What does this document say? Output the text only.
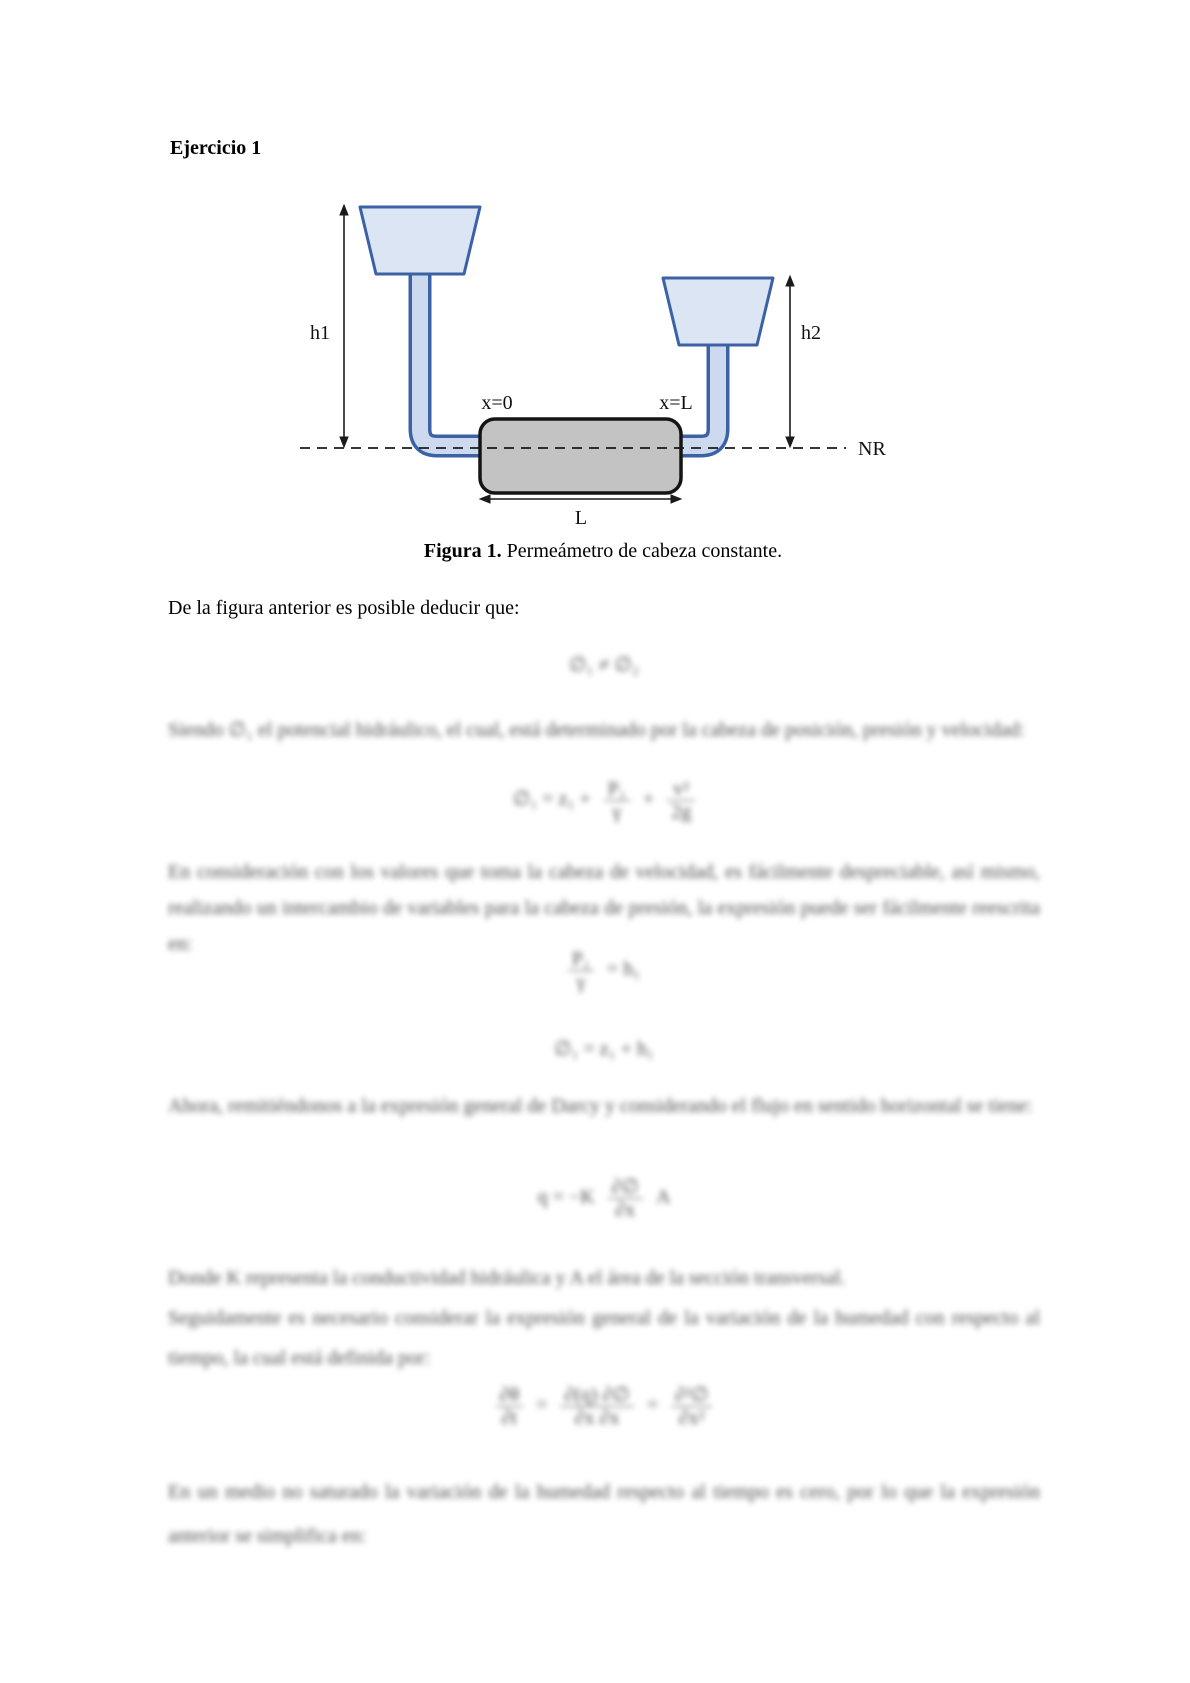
Ejercicio 1
h1	h2
x=0	x=L
NR
L
Figura 1. Permeámetro de cabeza constante.
De la figura anterior es posible deducir que:
∅₁ ≠ ∅₂
Siendo ∅₁ el potencial hidráulico, el cual, está determinado por la cabeza de posición, presión y velocidad:
∅₁ = $z_1 + \frac{\text{P₁}}{\gamma} + \frac{\text{v²}}{2g}$
En consideración con los valores que toma la cabeza de velocidad, es fácilmente despreciable, así mismo, realizando un intercambio de variables para la cabeza de presión, la expresión puede ser fácilmente reescrita en:
$\frac{\text{P₁}}{\gamma} = h_1$
∅₁ = z₁ + h₁
Ahora, remitiéndonos a la expresión general de Darcy y considerando el flujo en sentido horizontal se tiene:
$q = -K \frac{\partial\emptyset}{\partial x}$ A
Donde K representa la conductividad hidráulica y A el área de la sección transversal.
Seguidamente es necesario considerar la expresión general de la variación de la humedad con respecto al tiempo, la cual está definida por:
$\frac{\partial\theta}{\partial t} = \frac{\partial(q) \partial\emptyset}{\partial x \partial x} = \frac{\text{∂²∅}}{\text{∂x²}}$
En un medio no saturado la variación de la humedad respecto al tiempo es cero, por lo que la expresión anterior se simplifica en:
